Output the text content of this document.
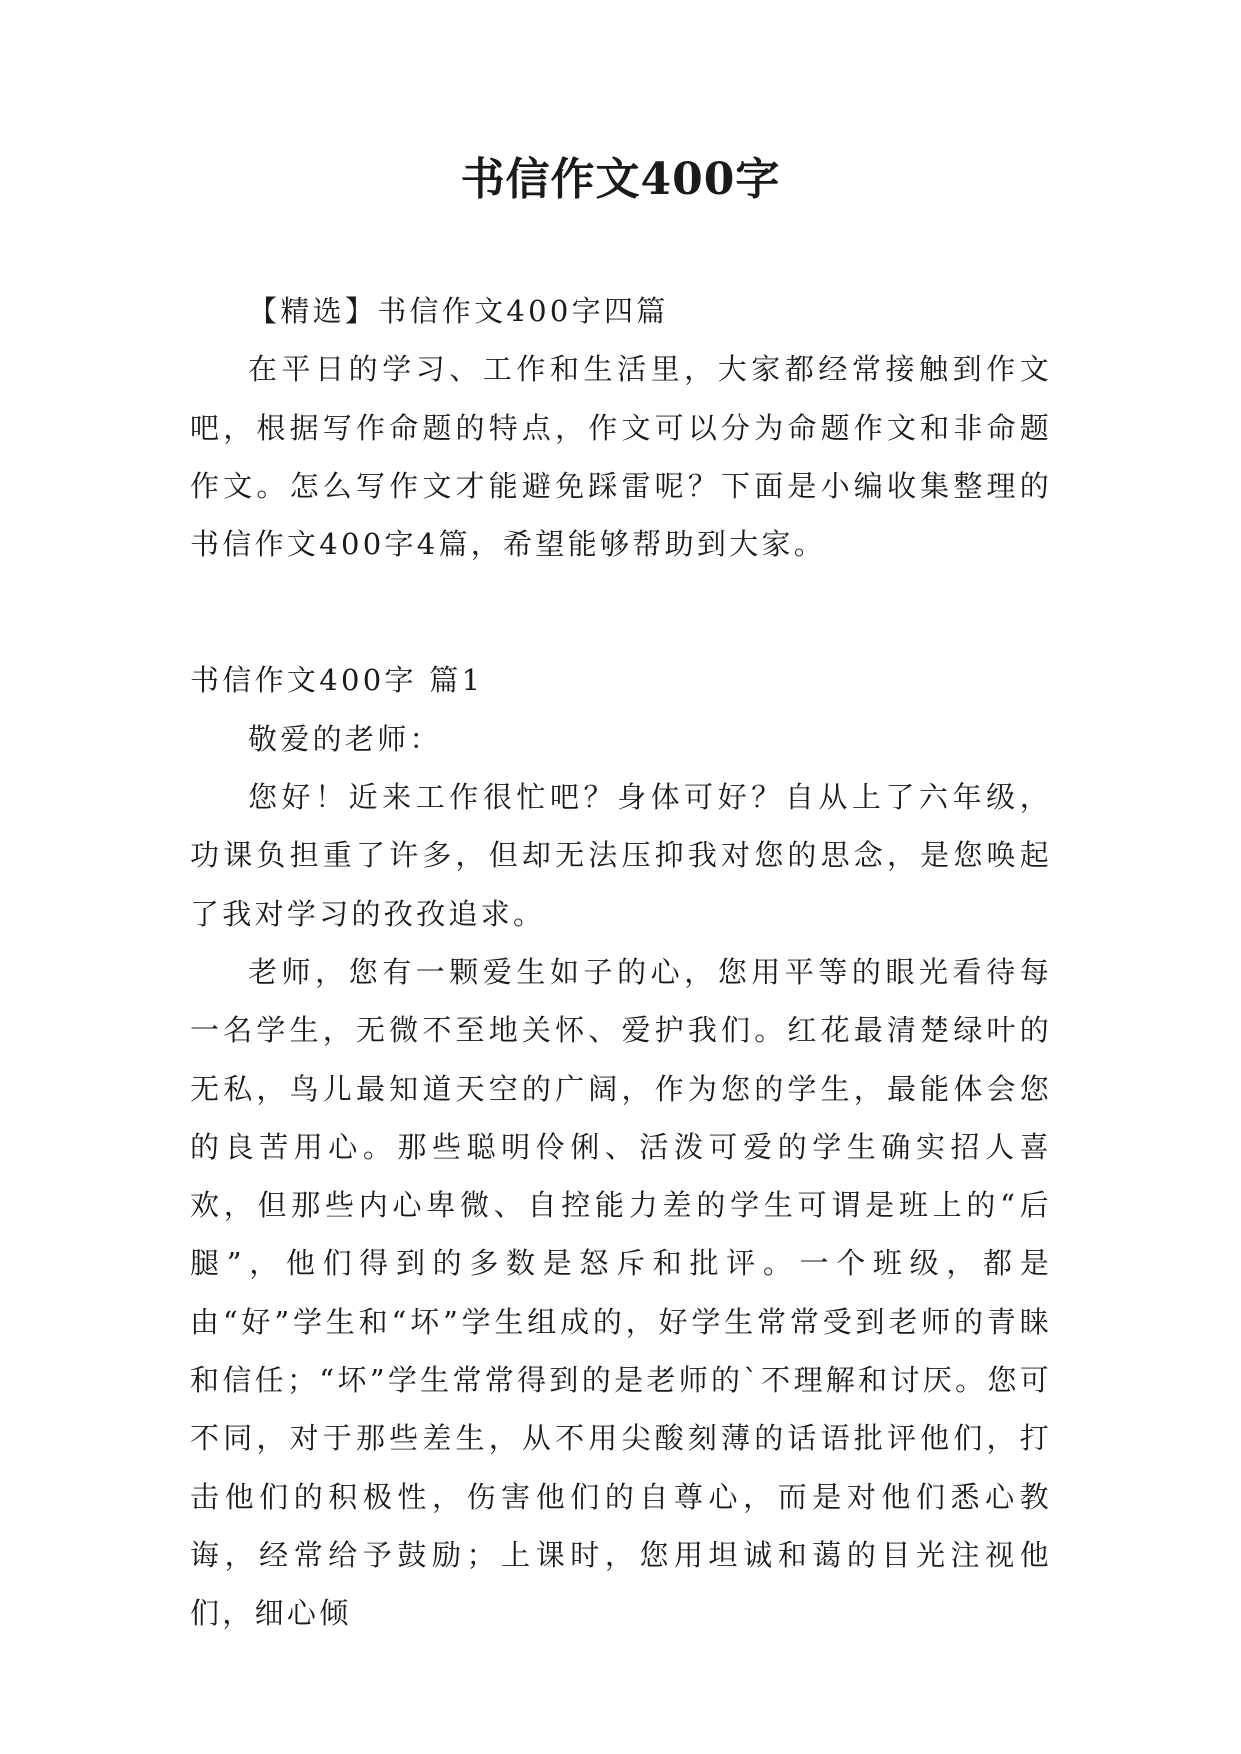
书信作文400字

【精选】书信作文400字四篇

在平日的学习、工作和生活里，大家都经常接触到作文吧，根据写作命题的特点，作文可以分为命题作文和非命题作文。怎么写作文才能避免踩雷呢？下面是小编收集整理的书信作文400字4篇，希望能够帮助到大家。

书信作文400字 篇1

敬爱的老师：

您好！近来工作很忙吧？身体可好？自从上了六年级，功课负担重了许多，但却无法压抑我对您的思念，是您唤起了我对学习的孜孜追求。

老师，您有一颗爱生如子的心，您用平等的眼光看待每一名学生，无微不至地关怀、爱护我们。红花最清楚绿叶的无私，鸟儿最知道天空的广阔，作为您的学生，最能体会您的良苦用心。那些聪明伶俐、活泼可爱的学生确实招人喜欢，但那些内心卑微、自控能力差的学生可谓是班上的“后腿”，他们得到的多数是怒斥和批评。一个班级，都是由“好”学生和“坏”学生组成的，好学生常常受到老师的青睐和信任；“坏”学生常常得到的是老师的`不理解和讨厌。您可不同，对于那些差生，从不用尖酸刻薄的话语批评他们，打击他们的积极性，伤害他们的自尊心，而是对他们悉心教诲，经常给予鼓励；上课时，您用坦诚和蔼的目光注视他们，细心倾
